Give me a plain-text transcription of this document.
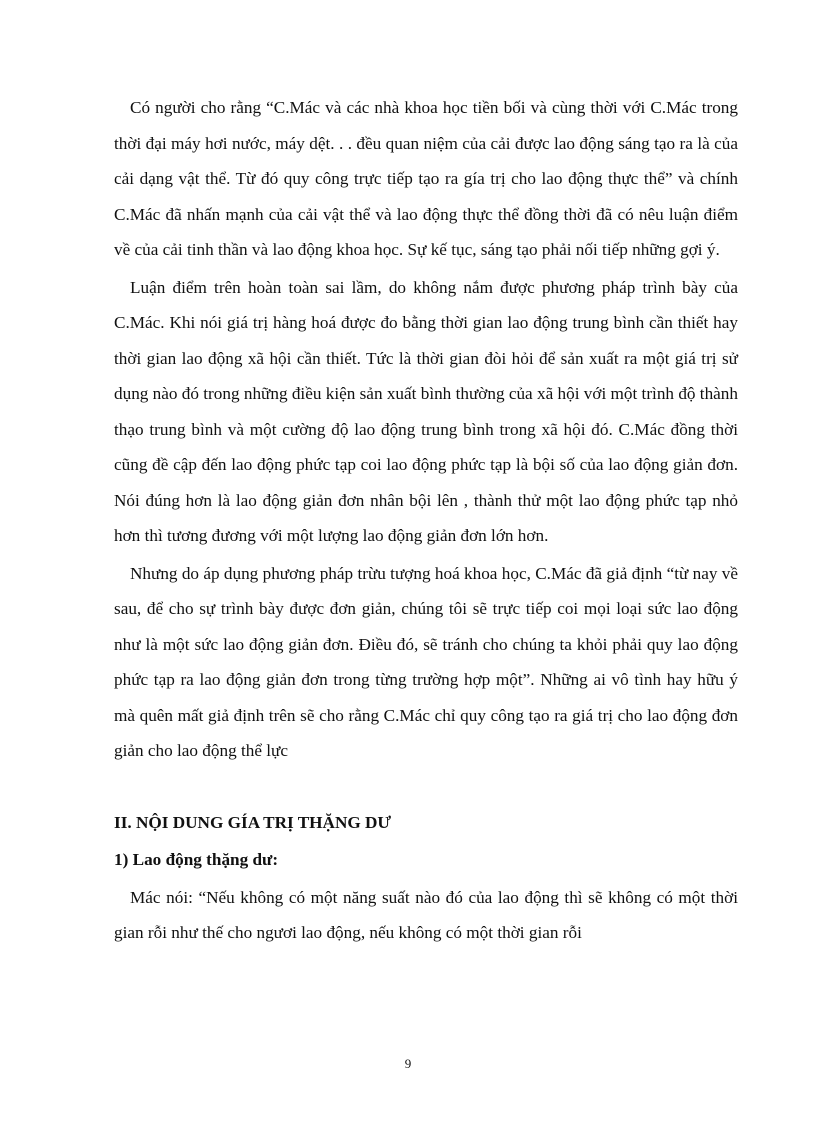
Có người cho rằng “C.Mác và các nhà khoa học tiền bối và cùng thời với C.Mác trong thời đại máy hơi nước, máy dệt. . . đều quan niệm của cải được lao động sáng tạo ra là của cải dạng vật thể. Từ đó quy công trực tiếp tạo ra gía trị cho lao động thực thể” và chính C.Mác đã nhấn mạnh của cải vật thể và lao động thực thể đồng thời đã có nêu luận điểm về của cải tinh thần và lao động khoa học. Sự kế tục, sáng tạo phải nối tiếp những gợi ý.

Luận điểm trên hoàn toàn sai lầm, do không nắm được phương pháp trình bày của C.Mác. Khi nói giá trị hàng hoá được đo bằng thời gian lao động trung bình cần thiết hay thời gian lao động xã hội cần thiết. Tức là thời gian đòi hỏi để sản xuất ra một giá trị sử dụng nào đó trong những điều kiện sản xuất bình thường của xã hội với một trình độ thành thạo trung bình và một cường độ lao động trung bình trong xã hội đó. C.Mác đồng thời cũng đề cập đến lao động phức tạp coi lao động phức tạp là bội số của lao động giản đơn. Nói đúng hơn là lao động giản đơn nhân bội lên , thành thử một lao động phức tạp nhỏ hơn thì tương đương với một lượng lao động giản đơn lớn hơn.

Nhưng do áp dụng phương pháp trừu tượng hoá khoa học, C.Mác đã giả định “từ nay về sau, để cho sự trình bày được đơn giản, chúng tôi sẽ trực tiếp coi mọi loại sức lao động như là một sức lao động giản đơn. Điều đó, sẽ tránh cho chúng ta khỏi phải quy lao động phức tạp ra lao động giản đơn trong từng trường hợp một”. Những ai vô tình hay hữu ý mà quên mất giả định trên sẽ cho rằng C.Mác chỉ quy công tạo ra giá trị cho lao động đơn giản cho lao động thể lực

II. NỘI DUNG GÍA TRỊ THẶNG DƯ
1) Lao động thặng dư:

Mác nói: “Nếu không có một năng suất nào đó của lao động thì sẽ không có một thời gian rỗi như thế cho ngươi lao động, nếu không có một thời gian rỗi

9
